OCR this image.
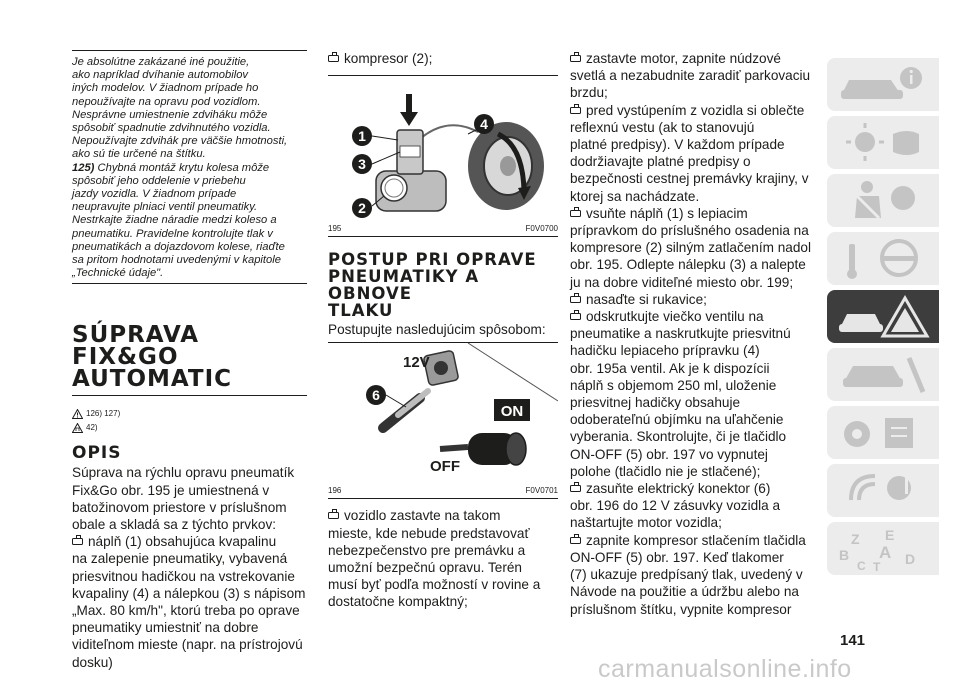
Je absolútne zakázané iné použitie,
ako napríklad dvíhanie automobilov
iných modelov. V žiadnom prípade ho
nepoužívajte na opravu pod vozidlom.
Nesprávne umiestnenie zdviháku môže
spôsobiť spadnutie zdvihnutého vozidla.
Nepoužívajte zdvihák pre väčšie hmotnosti,
ako sú tie určené na štítku.

125) Chybná montáž krytu kolesa môže
spôsobiť jeho oddelenie v priebehu
jazdy vozidla. V žiadnom prípade
neupravujte plniaci ventil pneumatiky.
Nestrkajte žiadne náradie medzi koleso a
pneumatiku. Pravidelne kontrolujte tlak v
pneumatikách a dojazdovom kolese, riaďte
sa pritom hodnotami uvedenými v kapitole
„Technické údaje".

SÚPRAVA FIX&GO
AUTOMATIC
126) 127)
42)
OPIS
Súprava na rýchlu opravu pneumatík
Fix&Go obr. 195 je umiestnená v
batožinovom priestore v príslušnom
obale a skladá sa z týchto prvkov:
náplň (1) obsahujúca kvapalinu
na zalepenie pneumatiky, vybavená
priesvitnou hadičkou na vstrekovanie
kvapaliny (4) a nálepkou (3) s nápisom
„Max. 80 km/h", ktorú treba po oprave
pneumatiky umiestniť na dobre
viditeľnom mieste (napr. na prístrojovú
dosku)
kompresor (2);
1
3
2
4
195	F0V0700
POSTUP PRI OPRAVE
PNEUMATIKY A OBNOVE
TLAKU
Postupujte nasledujúcim spôsobom:
12V
6
ON
OFF
196	F0V0701
vozidlo zastavte na takom
mieste, kde nebude predstavovať
nebezpečenstvo pre premávku a
umožní bezpečnú opravu. Terén
musí byť podľa možností v rovine a
dostatočne kompaktný;
zastavte motor, zapnite núdzové
svetlá a nezabudnite zaradiť parkovaciu
brzdu;
pred vystúpením z vozidla si oblečte
reflexnú vestu (ak to stanovujú
platné predpisy). V každom prípade
dodržiavajte platné predpisy o
bezpečnosti cestnej premávky krajiny, v
ktorej sa nachádzate.
vsuňte náplň (1) s lepiacim
prípravkom do príslušného osadenia na
kompresore (2) silným zatlačením nadol
obr. 195. Odlepte nálepku (3) a nalepte
ju na dobre viditeľné miesto obr. 199;
nasaďte si rukavice;
odskrutkujte viečko ventilu na
pneumatike a naskrutkujte priesvitnú
hadičku lepiaceho prípravku (4)
obr. 195a ventil. Ak je k dispozícii
náplň s objemom 250 ml, uloženie
priesvitnej hadičky obsahuje
odoberateľnú objímku na uľahčenie
vyberania. Skontrolujte, či je tlačidlo
ON-OFF (5) obr. 197 vo vypnutej
polohe (tlačidlo nie je stlačené);
zasuňte elektrický konektor (6)
obr. 196 do 12 V zásuvky vozidla a
naštartujte motor vozidla;
zapnite kompresor stlačením tlačidla
ON-OFF (5) obr. 197. Keď tlakomer
(7) ukazuje predpísaný tlak, uvedený v
Návode na použitie a údržbu alebo na
príslušnom štítku, vypnite kompresor
Z E
B A
C	D
T
141
carmanualsonline.info
